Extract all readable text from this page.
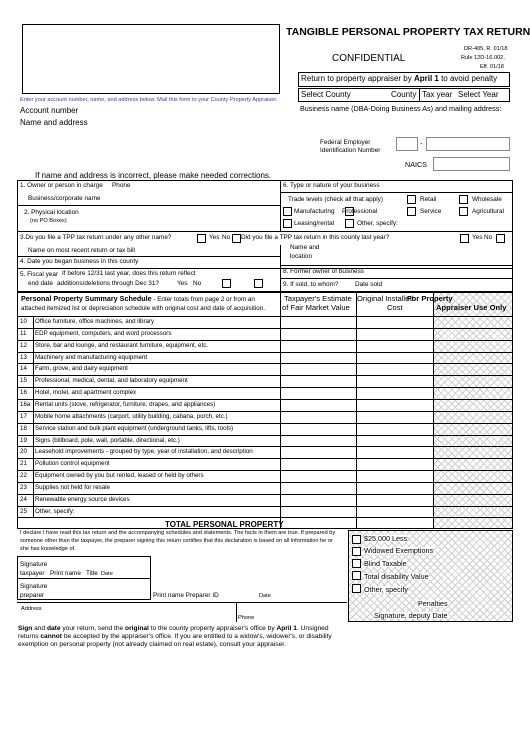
TANGIBLE PERSONAL PROPERTY TAX RETURN
CONFIDENTIAL
DR-405, R. 01/18
Rule 12D-16.002,
Eff. 01/18
Return to property appraiser by April 1 to avoid penalty
Select County	County Tax year Select Year
Business name (DBA-Doing Business As) and mailing address:
Enter your account number, name, and address below. Mail this form to your County Property Appraiser.
Account number
Name and address
Federal Employer
Identification Number
-
NAICS
If name and address is incorrect, please make needed corrections.
1. Owner or person in charge Phone
Business/corporate name
2. Physical location
(no PO Boxes)
3.Do you file a TPP tax return under any other name?	Yes No Did you file a TPP tax return in this county last year?	Yes No
Name on most recent return or tax bill
4. Date you began business in this county
5. Fiscal year If before 12/31 last year, does this return reflect
end date additions/deletions through Dec 31?	Yes No
6. Type or nature of your business
Trade levels (check all that apply)	Retail	Wholesale
Manufacturing Professional	Service	Agricultural
Leasing/rental	Other, specify:
Name and
location
8. Former owner of business
9. If sold, to whom?	Date sold
Personal Property Summary Schedule - Enter totals from page 2 or from an attached itemized list or depreciation schedule with original cost and date of acquisition.
Taxpayer's Estimate
of Fair Market Value
Original Installed
Cost
For Property
Appraiser Use Only
10 Office furniture, office machines, and library
11 EDP equipment, computers, and word processors
12 Store, bar and lounge, and restaurant furniture, equipment, etc.
13 Machinery and manufacturing equipment
14 Farm, grove, and dairy equipment
15 Professional, medical, dental, and laboratory equipment
16 Hotel, motel, and apartment complex
16a Rental units (stove, refrigerator, furniture, drapes, and appliances)
17 Mobile home attachments (carport, utility building, cabana, porch, etc.)
18 Service station and bulk plant equipment (underground tanks, lifts, tools)
19 Signs (billboard, pole, wall, portable, directional, etc.)
20 Leasehold improvements - grouped by type, year of installation, and description
21 Pollution control equipment
22 Equipment owned by you but rented, leased or held by others
23 Supplies not held for resale
24 Renewable energy source devices
25 Other, specify:
TOTAL PERSONAL PROPERTY
I declare I have read this tax return and the accompanying schedules and statements. The facts in them are true. If prepared by
someone other than the taxpayer, the preparer signing this return certifies that this declaration is based on all information he or
she has knowledge of.
Signature
taxpayer Print name Title Date
Signature
preparer	Print name Preparer ID	Date
Address
Phone
$25,000 Less
Widowed Exemptions
Blind Taxable
Total disability Value
Other, specify
Penalties
Signature, deputy Date
Sign and date your return, send the original to the county property appraiser's office by April 1. Unsigned
returns cannot be accepted by the appraiser's office. If you are entitled to a widow's, widower's, or disability
exemption on personal property (not already claimed on real estate), consult your appraiser.
